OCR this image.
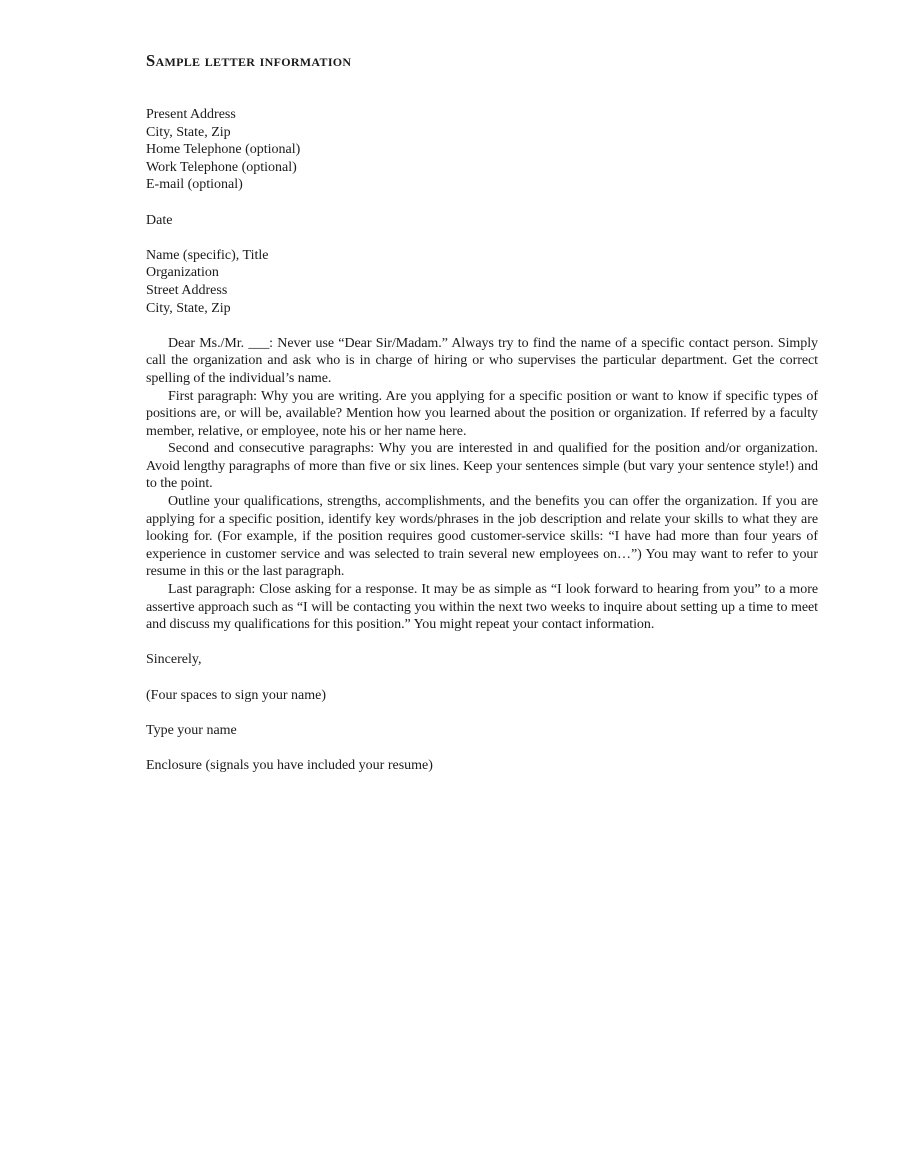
Sample letter information
Present Address
City, State, Zip
Home Telephone (optional)
Work Telephone (optional)
E-mail (optional)
Date
Name (specific), Title
Organization
Street Address
City, State, Zip

Dear Ms./Mr. ___: Never use “Dear Sir/Madam.” Always try to find the name of a specific contact person. Simply call the organization and ask who is in charge of hiring or who supervises the particular department. Get the correct spelling of the individual’s name.

First paragraph: Why you are writing. Are you applying for a specific position or want to know if specific types of positions are, or will be, available? Mention how you learned about the position or organization. If referred by a faculty member, relative, or employee, note his or her name here.

Second and consecutive paragraphs: Why you are interested in and qualified for the position and/or organization. Avoid lengthy paragraphs of more than five or six lines. Keep your sentences simple (but vary your sentence style!) and to the point.

Outline your qualifications, strengths, accomplishments, and the benefits you can offer the organization. If you are applying for a specific position, identify key words/phrases in the job description and relate your skills to what they are looking for. (For example, if the position requires good customer-service skills: “I have had more than four years of experience in customer service and was selected to train several new employees on…”) You may want to refer to your resume in this or the last paragraph.

Last paragraph: Close asking for a response. It may be as simple as “I look forward to hearing from you” to a more assertive approach such as “I will be contacting you within the next two weeks to inquire about setting up a time to meet and discuss my qualifications for this position.” You might repeat your contact information.

Sincerely,
(Four spaces to sign your name)
Type your name
Enclosure (signals you have included your resume)
